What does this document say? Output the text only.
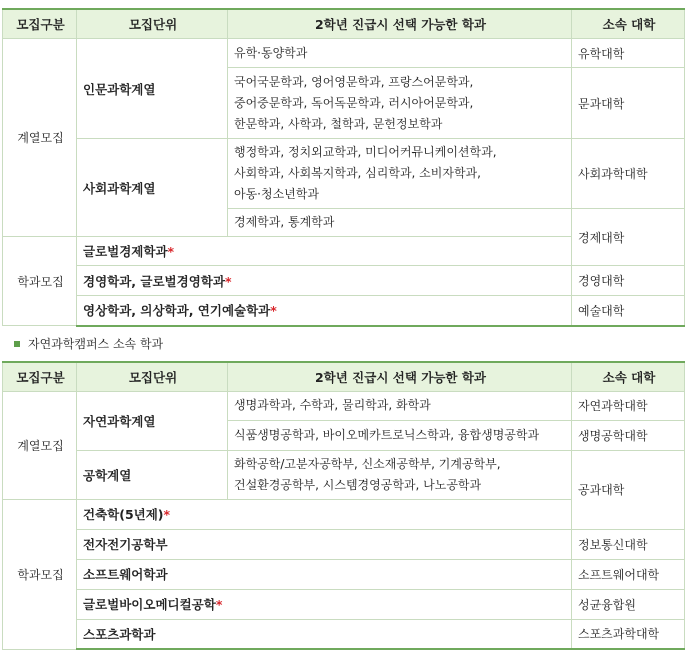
모집구분	모집단위	2학년 진급시 선택 가능한 학과	소속 대학
계열모집	인문과학계열	유학·동양학과	유학대학

		국어국문학과, 영어영문학과, 프랑스어문학과,
중어중문학과, 독어독문학과, 러시아어문학과,
한문학과, 사학과, 철학과, 문헌정보학과	문과대학
	사회과학계열	행정학과, 정치외교학과, 미디어커뮤니케이션학과,
사회학과, 사회복지학과, 심리학과, 소비자학과,
아동·청소년학과	사회과학대학
		경제학과, 통계학과	경제대학
학과모집	글로벌경제학과*		
	경영학과, 글로벌경영학과*		경영대학
	영상학과, 의상학과, 연기예술학과*		예술대학
자연과학캠퍼스 소속 학과
모집구분	모집단위	2학년 진급시 선택 가능한 학과	소속 대학
계열모집	자연과학계열	생명과학과, 수학과, 물리학과, 화학과	자연과학대학
		식품생명공학과, 바이오메카트로닉스학과, 융합생명공학과	생명공학대학
	공학계열	화학공학/고분자공학부, 신소재공학부, 기계공학부,
건설환경공학부, 시스템경영공학과, 나노공학과	공과대학
학과모집	건축학(5년제)*		
	전자전기공학부		정보통신대학
	소프트웨어학과		소프트웨어대학
	글로벌바이오메디컬공학*		성균융합원
	스포츠과학과		스포츠과학대학
